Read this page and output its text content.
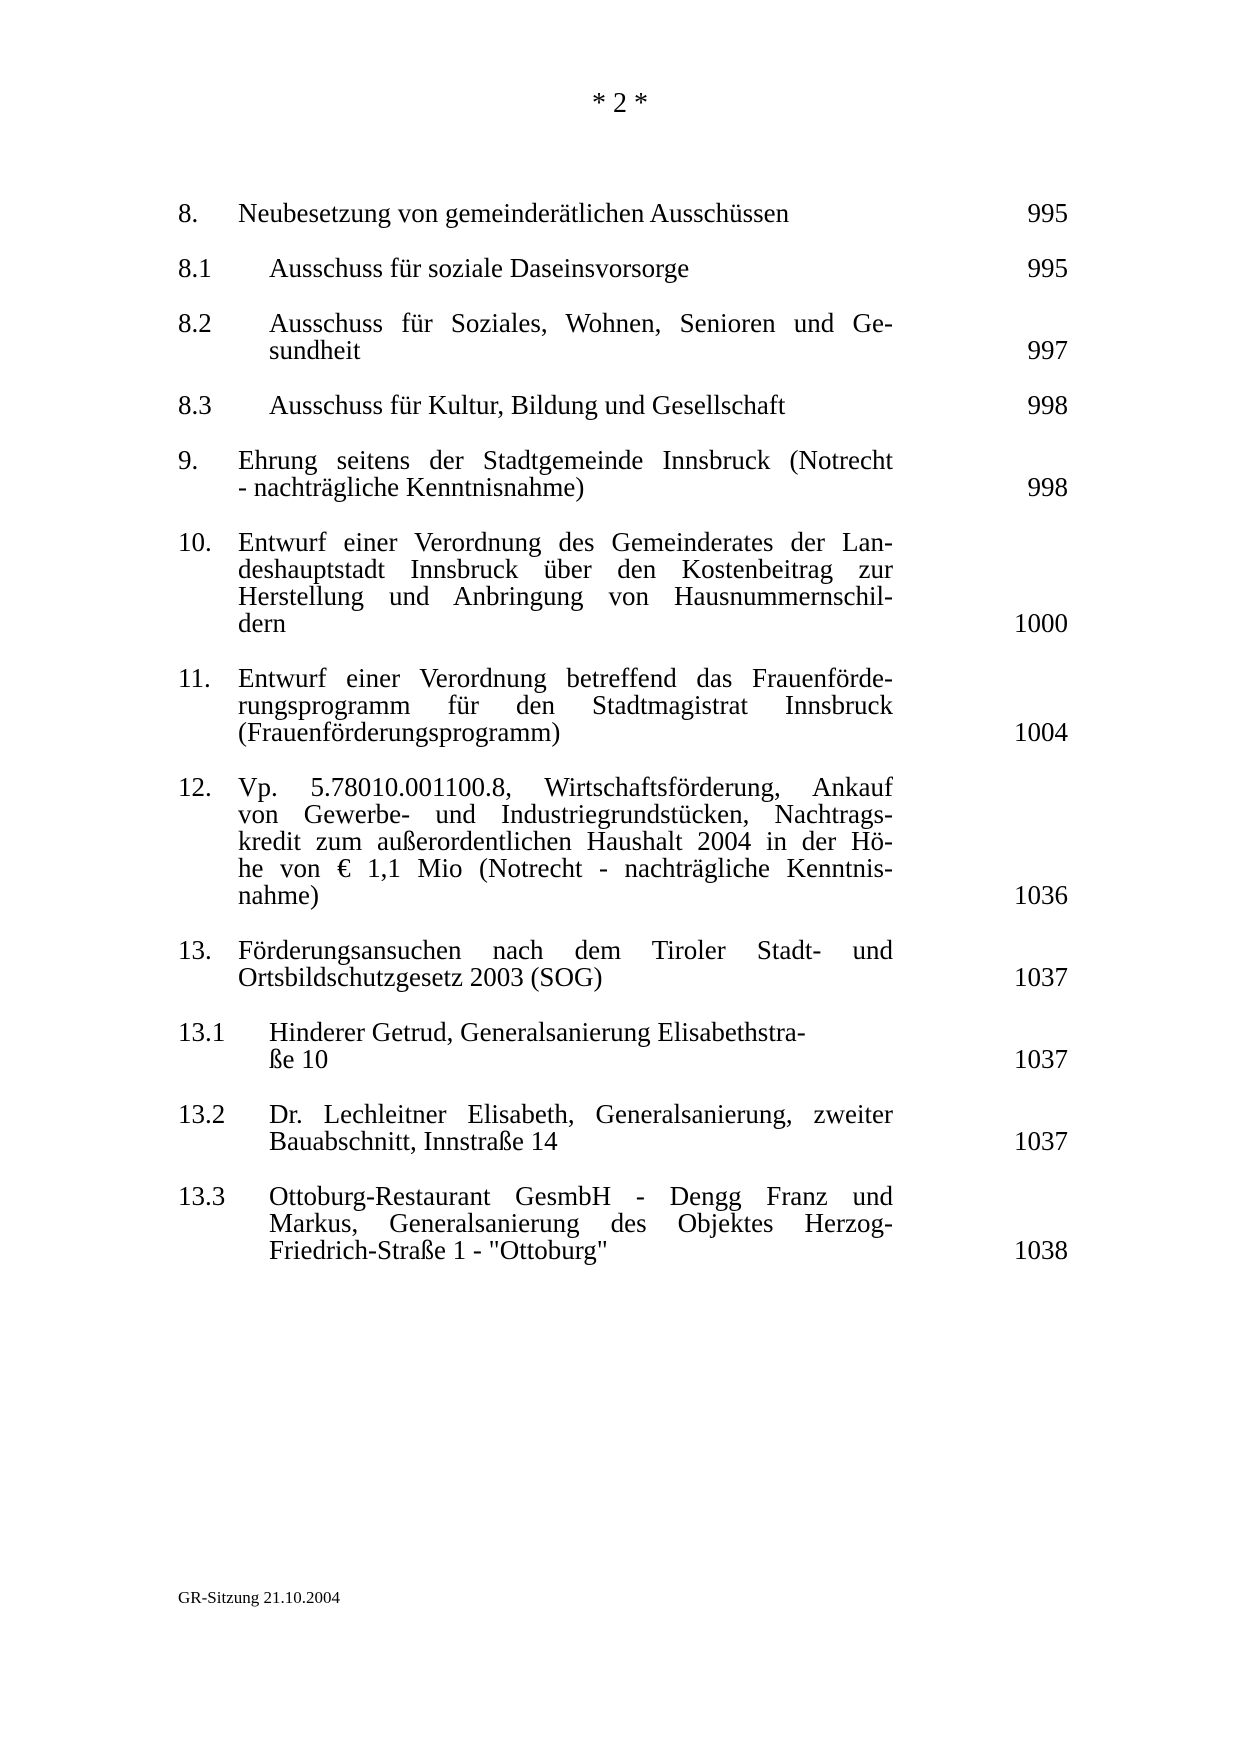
* 2 *
8. Neubesetzung von gemeinderätlichen Ausschüssen	995
8.1 Ausschuss für soziale Daseinsvorsorge	995
8.2 Ausschuss für Soziales, Wohnen, Senioren und Ge-
sundheit	997
8.3 Ausschuss für Kultur, Bildung und Gesellschaft	998
9. Ehrung seitens der Stadtgemeinde Innsbruck (Notrecht
- nachträgliche Kenntnisnahme)	998
10. Entwurf einer Verordnung des Gemeinderates der Lan-
deshauptstadt Innsbruck über den Kostenbeitrag zur
Herstellung und Anbringung von Hausnummernschil-
dern	1000
11. Entwurf einer Verordnung betreffend das Frauenförde-
rungsprogramm für den Stadtmagistrat Innsbruck
(Frauenförderungsprogramm)	1004
12. Vp. 5.78010.001100.8, Wirtschaftsförderung, Ankauf
von Gewerbe- und Industriegrundstücken, Nachtrags-
kredit zum außerordentlichen Haushalt 2004 in der Hö-
he von € 1,1 Mio (Notrecht - nachträgliche Kenntnis-
nahme)	1036
13. Förderungsansuchen nach dem Tiroler Stadt- und
Ortsbildschutzgesetz 2003 (SOG)	1037
13.1 Hinderer Getrud, Generalsanierung Elisabethstra-
ße 10	1037
13.2 Dr. Lechleitner Elisabeth, Generalsanierung, zweiter
Bauabschnitt, Innstraße 14	1037
13.3 Ottoburg-Restaurant GesmbH - Dengg Franz und
Markus, Generalsanierung des Objektes Herzog-
Friedrich-Straße 1 - "Ottoburg"	1038
GR-Sitzung 21.10.2004
